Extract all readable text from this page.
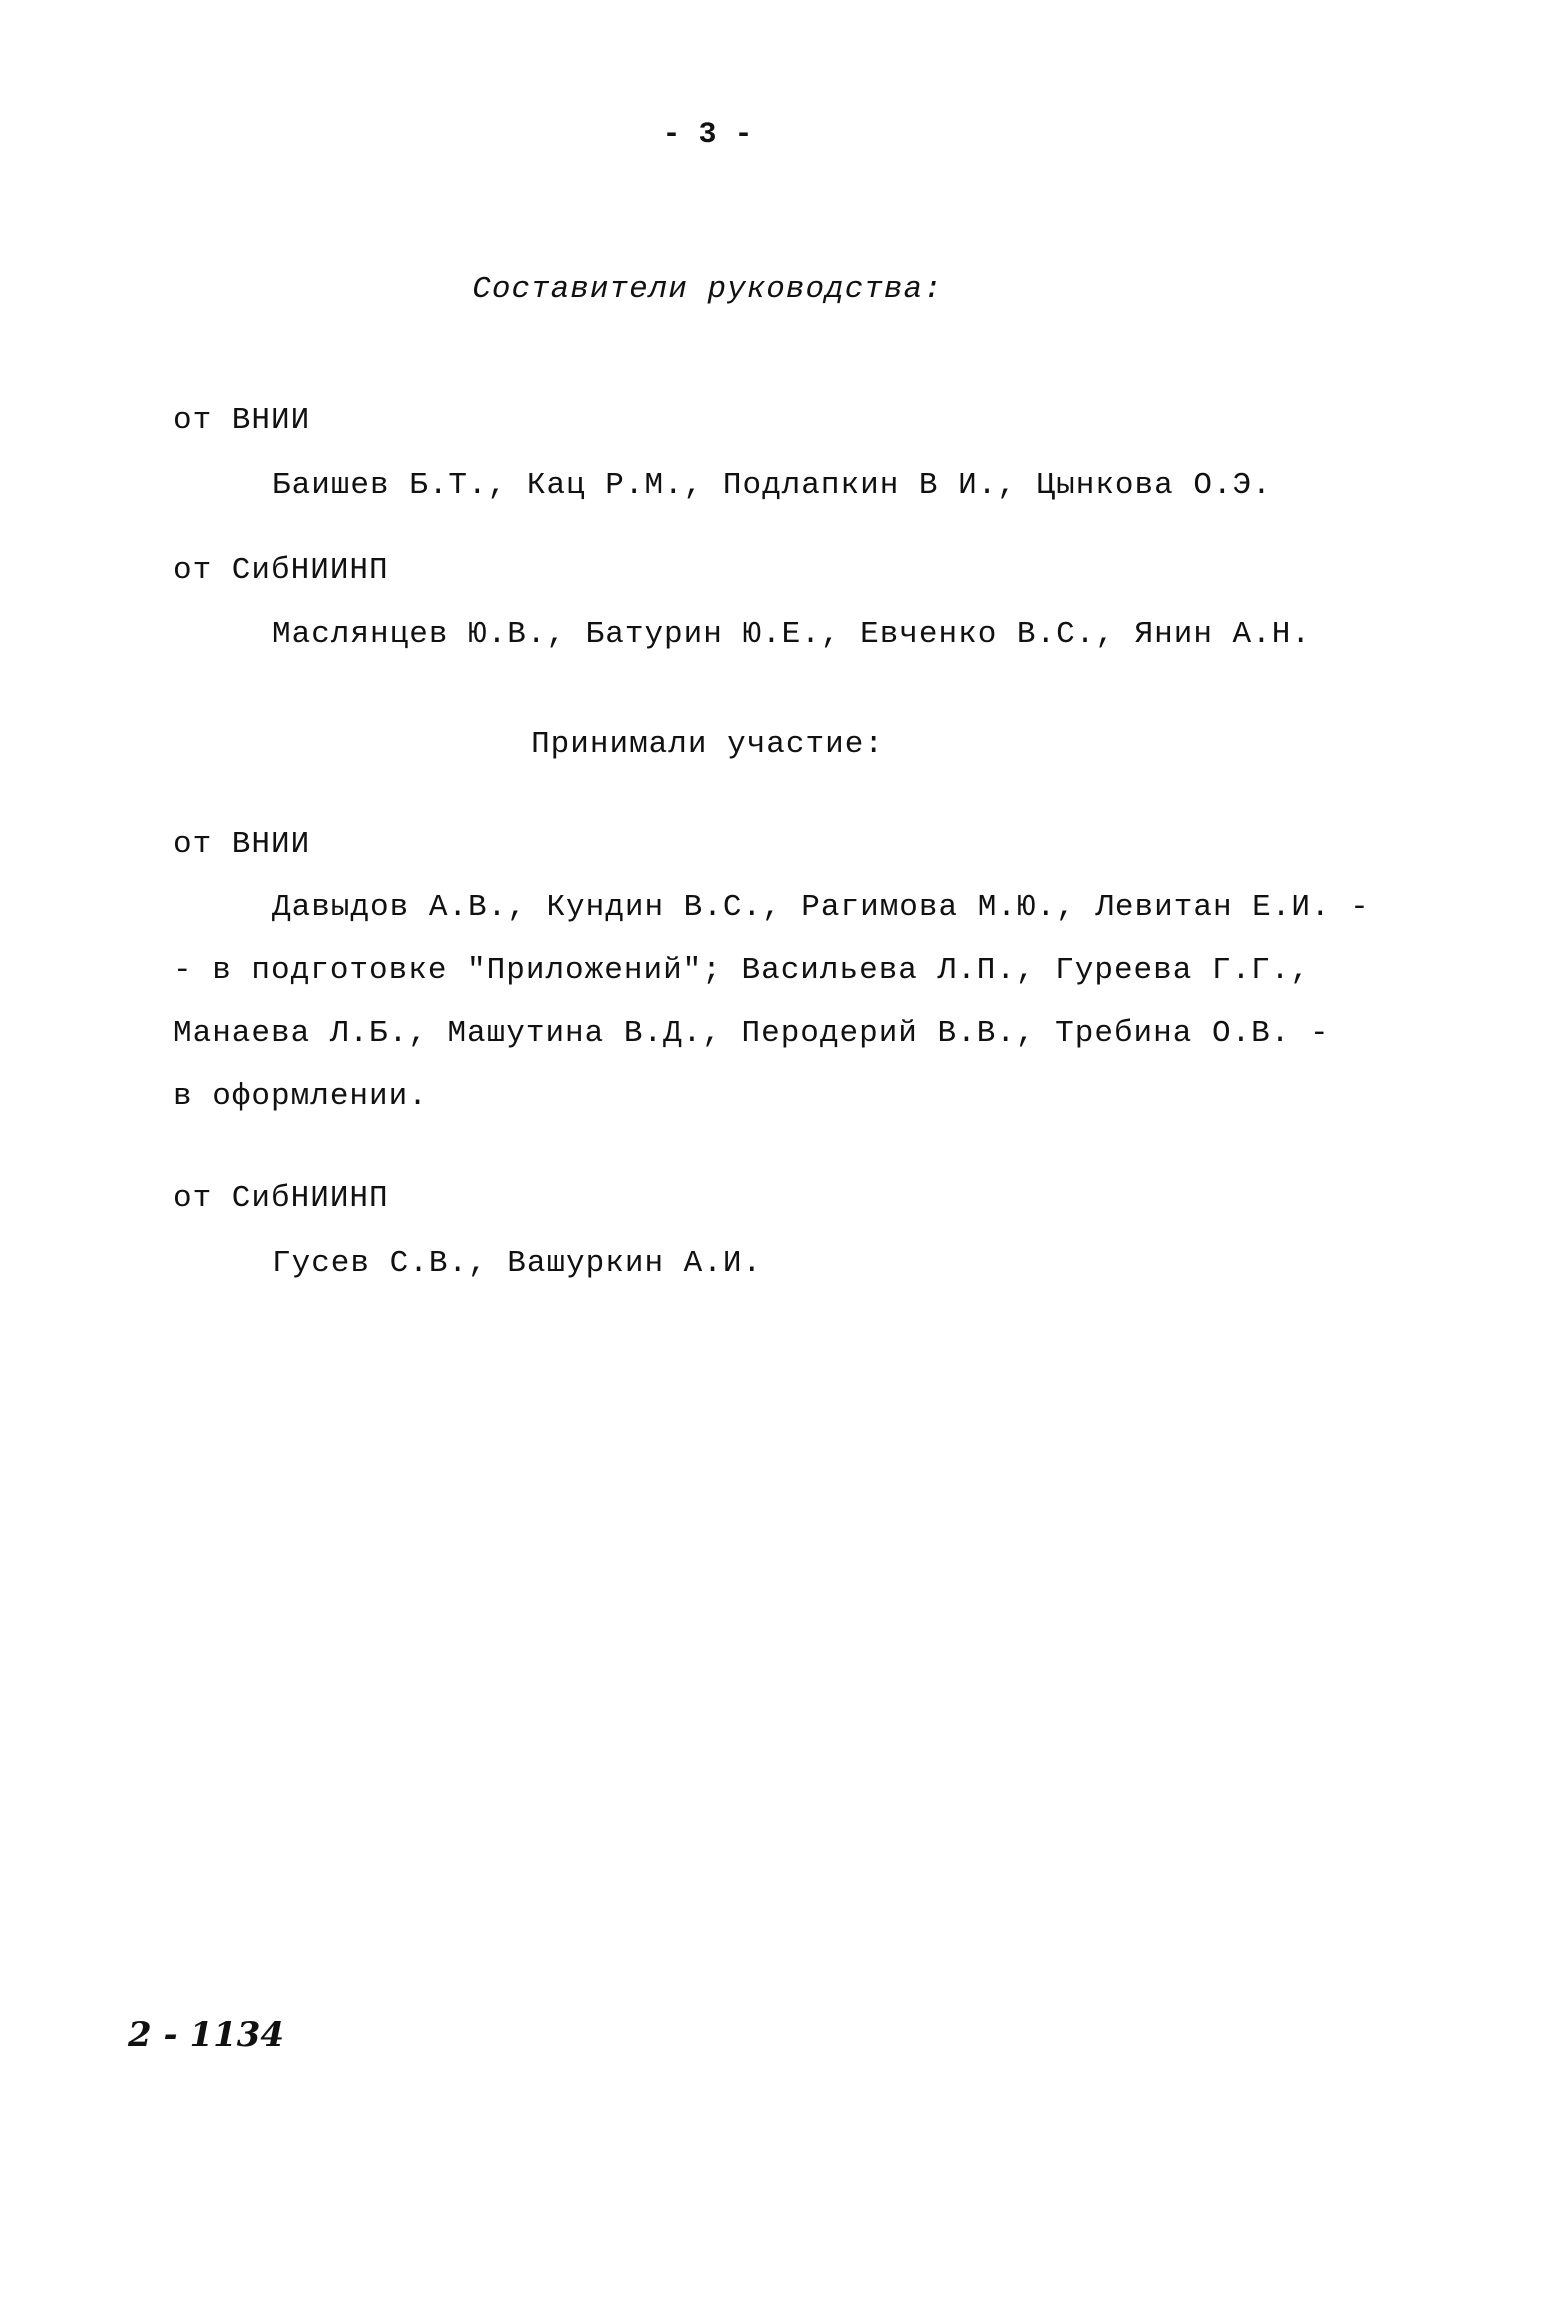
- 3 -
Составители руководства:
от ВНИИ
Баишев Б.Т., Кац Р.М., Подлапкин В И., Цынкова О.Э.
от СибНИИНП
Маслянцев Ю.В., Батурин Ю.Е., Евченко В.С., Янин А.Н.
Принимали участие:
от ВНИИ
Давыдов А.В., Кундин В.С., Рагимова М.Ю., Левитан Е.И. -
- в подготовке "Приложений"; Васильева Л.П., Гуреева Г.Г.,
Манаева Л.Б., Машутина В.Д., Перодерий В.В., Требина О.В. -
в оформлении.
от СибНИИНП
Гусев С.В., Вашуркин А.И.
2 - 1134
